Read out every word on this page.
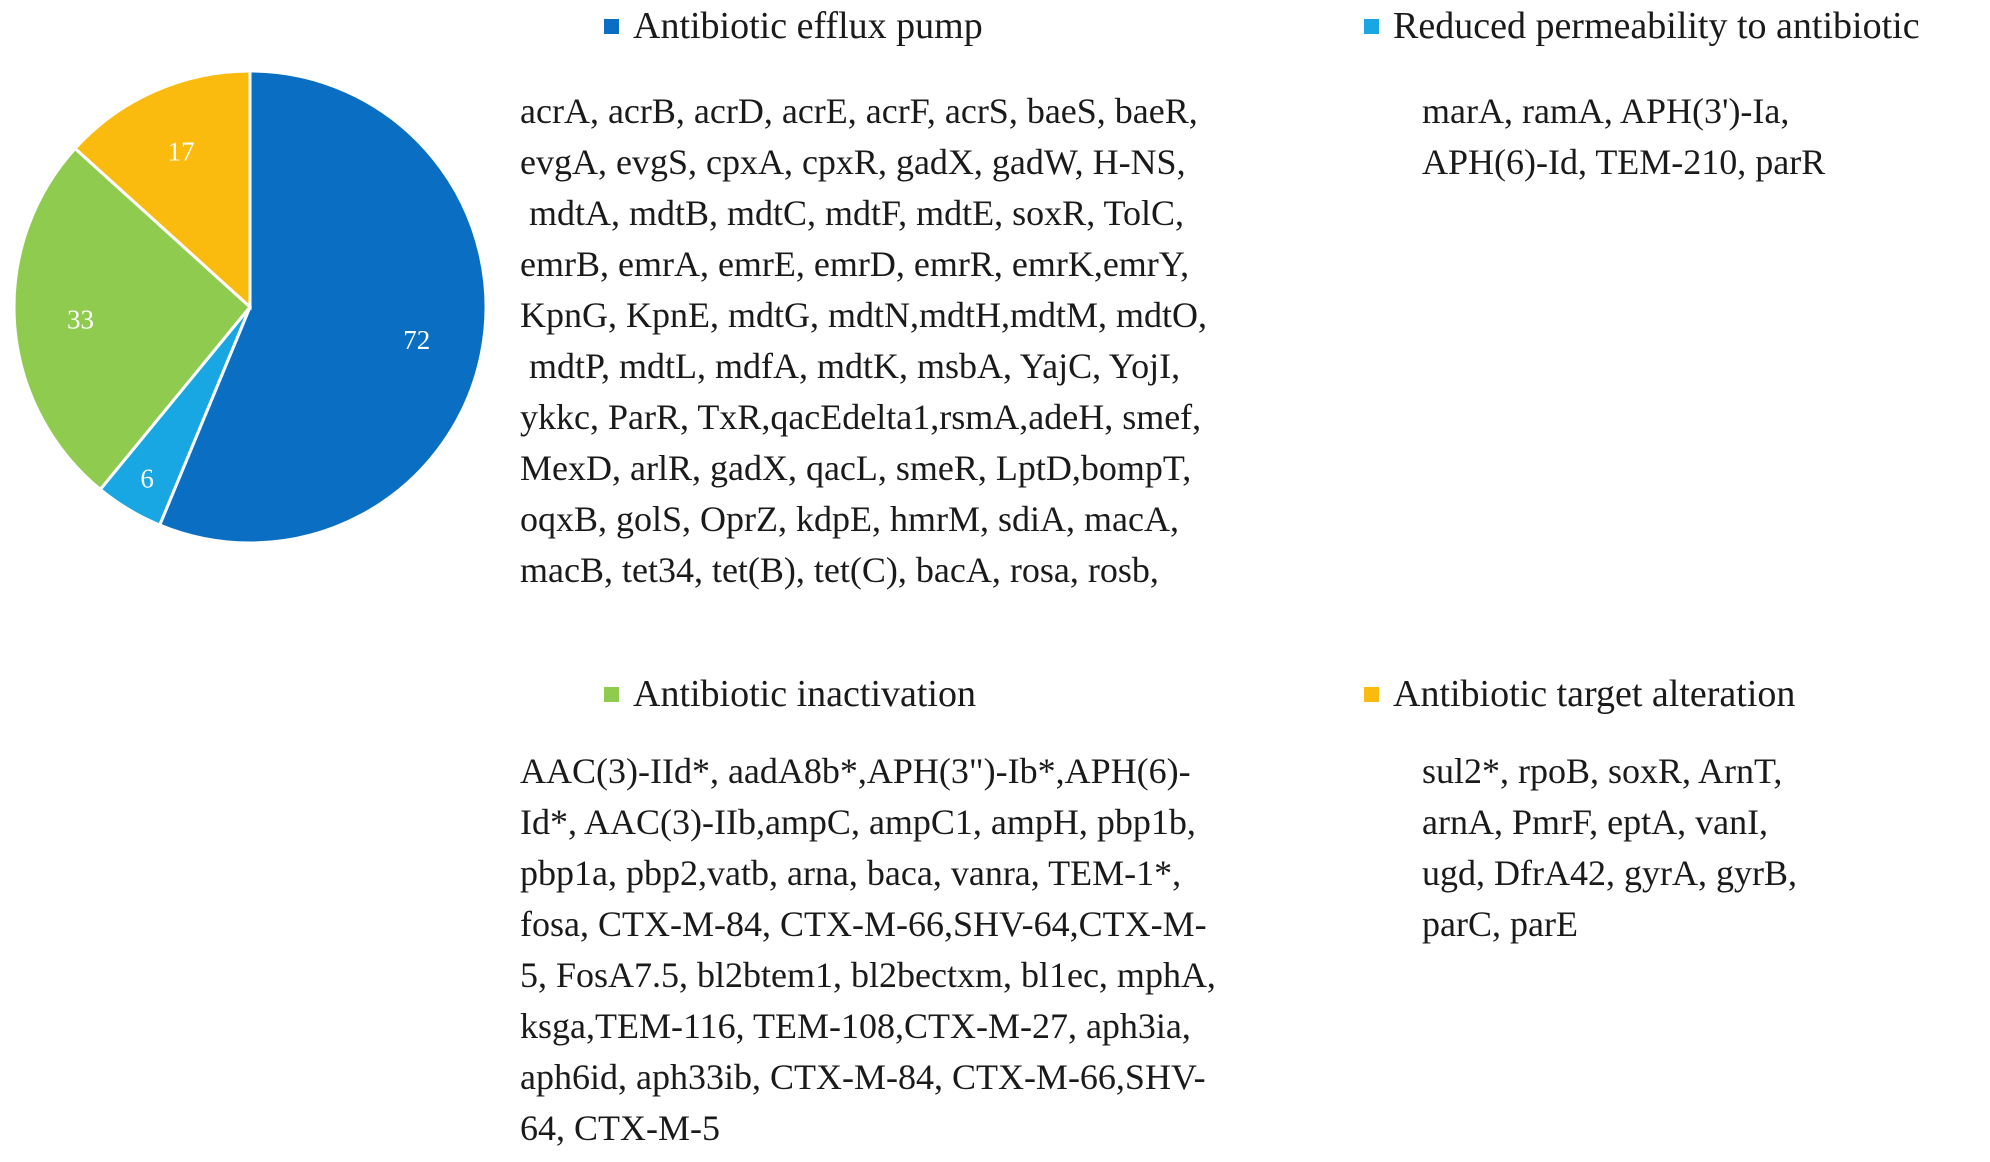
72
6
33
17
Antibiotic efflux pump
acrA, acrB, acrD, acrE, acrF, acrS, baeS, baeR,
evgA, evgS, cpxA, cpxR, gadX, gadW, H-NS,
mdtA, mdtB, mdtC, mdtF, mdtE, soxR, TolC,
emrB, emrA, emrE, emrD, emrR, emrK,emrY,
KpnG, KpnE, mdtG, mdtN,mdtH,mdtM, mdtO,
mdtP, mdtL, mdfA, mdtK, msbA, YajC, YojI,
ykkc, ParR, TxR,qacEdelta1,rsmA,adeH, smef,
MexD, arlR, gadX, qacL, smeR, LptD,bompT,
oqxB, golS, OprZ, kdpE, hmrM, sdiA, macA,
macB, tet34, tet(B), tet(C), bacA, rosa, rosb,
Reduced permeability to antibiotic
marA, ramA, APH(3')-Ia,
APH(6)-Id, TEM-210, parR
Antibiotic inactivation
AAC(3)-IId*, aadA8b*,APH(3")-Ib*,APH(6)-
Id*, AAC(3)-IIb,ampC, ampC1, ampH, pbp1b,
pbp1a, pbp2,vatb, arna, baca, vanra, TEM-1*,
fosa, CTX-M-84, CTX-M-66,SHV-64,CTX-M-
5, FosA7.5, bl2btem1, bl2bectxm, bl1ec, mphA,
ksga,TEM-116, TEM-108,CTX-M-27, aph3ia,
aph6id, aph33ib, CTX-M-84, CTX-M-66,SHV-
64, CTX-M-5
Antibiotic target alteration
sul2*, rpoB, soxR, ArnT,
arnA, PmrF, eptA, vanI,
ugd, DfrA42, gyrA, gyrB,
parC, parE
